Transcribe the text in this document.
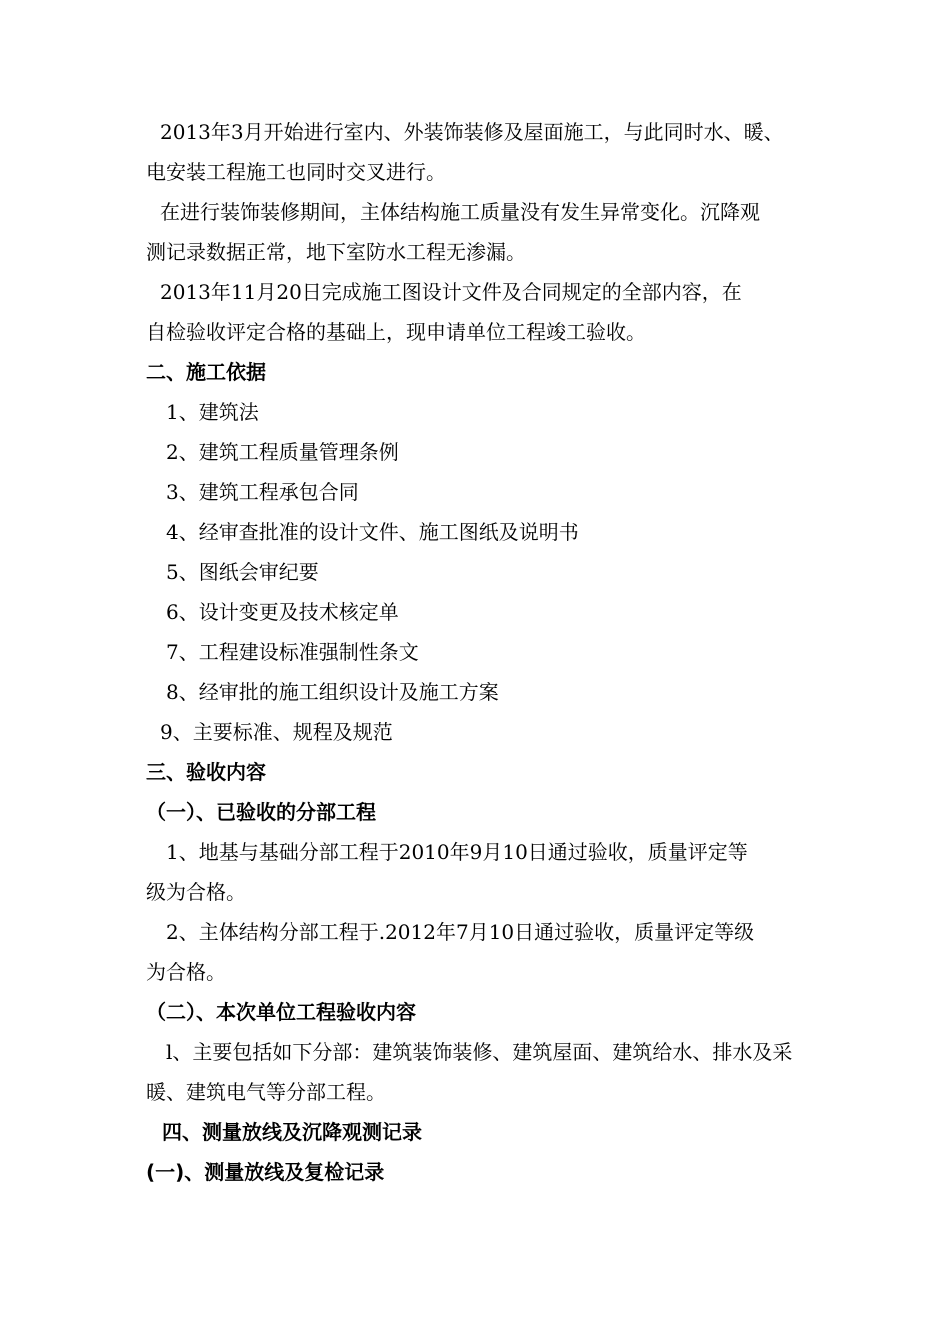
2013年3月开始进行室内、外装饰装修及屋面施工，与此同时水、暖、
电安装工程施工也同时交叉进行。
在进行装饰装修期间，主体结构施工质量没有发生异常变化。沉降观
测记录数据正常，地下室防水工程无渗漏。
2013年11月20日完成施工图设计文件及合同规定的全部内容，在
自检验收评定合格的基础上，现申请单位工程竣工验收。
二、施工依据
1、建筑法
2、建筑工程质量管理条例
3、建筑工程承包合同
4、经审查批准的设计文件、施工图纸及说明书
5、图纸会审纪要
6、设计变更及技术核定单
7、工程建设标准强制性条文
8、经审批的施工组织设计及施工方案
9、主要标准、规程及规范
三、验收内容
（一）、已验收的分部工程
1、地基与基础分部工程于2010年9月10日通过验收，质量评定等
级为合格。
2、主体结构分部工程于.2012年7月10日通过验收，质量评定等级
为合格。
（二）、本次单位工程验收内容
l、主要包括如下分部：建筑装饰装修、建筑屋面、建筑给水、排水及采
暖、建筑电气等分部工程。
四、测量放线及沉降观测记录
(一)、测量放线及复检记录
